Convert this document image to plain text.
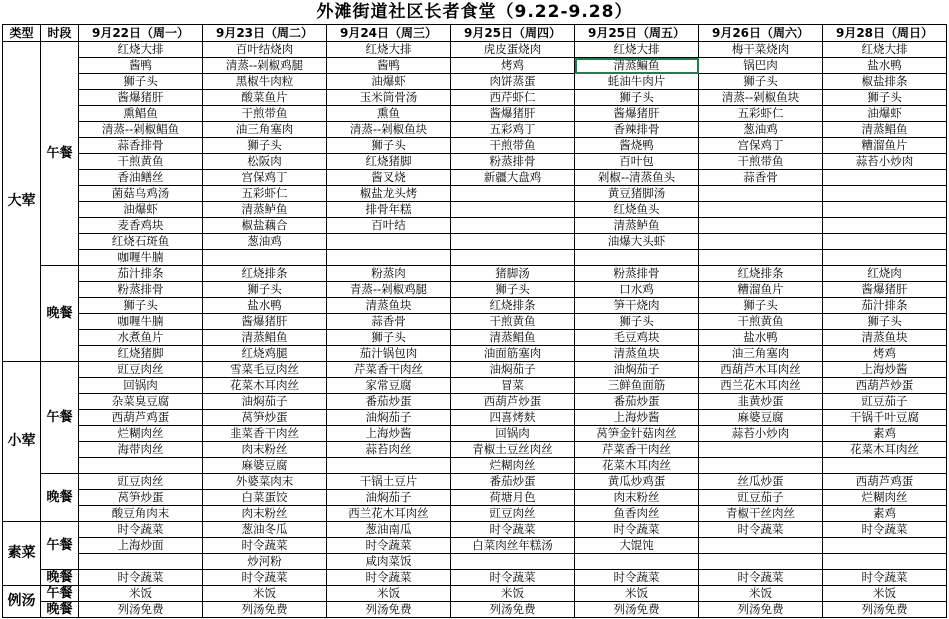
外滩街道社区长者食堂（9.22-9.28）
类型	时段	9月22日（周一）	9月23日（周二）	9月24日（周三）	9月25日（周四）	9月25日（周五）	9月26日（周六）	9月28日（周日）
大荤	午餐	红烧大排	百叶结烧肉	红烧大排	虎皮蛋烧肉	红烧大排	梅干菜烧肉	红烧大排
		酱鸭	清蒸--剁椒鸡腿	酱鸭	烤鸡	清蒸鳊鱼	锅巴肉	盐水鸭
		狮子头	黑椒牛肉粒	油爆虾	肉饼蒸蛋	蚝油牛肉片	狮子头	椒盐排条
		酱爆猪肝	酸菜鱼片	玉米筒骨汤	西芹虾仁	狮子头	清蒸--剁椒鱼块	狮子头
		熏鲳鱼	干煎带鱼	熏鱼	酱爆猪肝	酱爆猪肝	五彩虾仁	油爆虾
		清蒸--剁椒鲳鱼	油三角塞肉	清蒸--剁椒鱼块	五彩鸡丁	香辣排骨	葱油鸡	清蒸鲳鱼
		蒜香排骨	狮子头	狮子头	干煎带鱼	酱烧鸭	宫保鸡丁	糟溜鱼片
		干煎黄鱼	松阪肉	红烧猪脚	粉蒸排骨	百叶包	干煎带鱼	蒜苔小炒肉
		香油鳝丝	宫保鸡丁	酱叉烧	新疆大盘鸡	剁椒--清蒸鱼头	蒜香骨	
		菌菇乌鸡汤	五彩虾仁	椒盐龙头烤		黄豆猪脚汤		
		油爆虾	清蒸鲈鱼	排骨年糕		红烧鱼头		
		麦香鸡块	椒盐藕合	百叶结		清蒸鲈鱼		
		红烧石斑鱼	葱油鸡			油爆大头虾		
		咖喱牛腩						
	晚餐	茄汁排条	红烧排条	粉蒸肉	猪脚汤	粉蒸排骨	红烧排条	红烧肉
		粉蒸排骨	狮子头	青蒸--剁椒鸡腿	狮子头	口水鸡	糟溜鱼片	酱爆猪肝
		狮子头	盐水鸭	清蒸鱼块	红烧排条	笋干烧肉	狮子头	茄汁排条
		咖喱牛腩	酱爆猪肝	蒜香骨	干煎黄鱼	狮子头	干煎黄鱼	狮子头
		水煮鱼片	清蒸鲳鱼	狮子头	清蒸鲳鱼	毛豆鸡块	盐水鸭	清蒸鱼块
		红烧猪脚	红烧鸡腿	茄汁锅包肉	油面筋塞肉	清蒸鱼块	油三角塞肉	烤鸡
小荤	午餐	豇豆肉丝	雪菜毛豆肉丝	芹菜香干肉丝	油焖茄子	油焖茄子	西葫芦木耳肉丝	上海炒酱
		回锅肉	花菜木耳肉丝	家常豆腐	冒菜	三鲜鱼面筋	西兰花木耳肉丝	西葫芦炒蛋
		杂菜臭豆腐	油焖茄子	番茄炒蛋	西葫芦炒蛋	番茄炒蛋	韭黄炒蛋	豇豆茄子
		西葫芦鸡蛋	莴笋炒蛋	油焖茄子	四喜烤麸	上海炒酱	麻婆豆腐	干锅千叶豆腐
		烂糊肉丝	韭菜香干肉丝	上海炒酱	回锅肉	莴笋金针菇肉丝	蒜苔小炒肉	素鸡
		海带肉丝	肉末粉丝	蒜苔肉丝	青椒土豆丝肉丝	芹菜香干肉丝		花菜木耳肉丝
			麻婆豆腐		烂糊肉丝	花菜木耳肉丝		
	晚餐	豇豆肉丝	外婆菜肉末	干锅土豆片	番茄炒蛋	黄瓜炒鸡蛋	丝瓜炒蛋	西葫芦鸡蛋
		莴笋炒蛋	白菜蛋饺	油焖茄子	荷塘月色	肉末粉丝	豇豆茄子	烂糊肉丝
		酸豆角肉末	肉末粉丝	西兰花木耳肉丝	豇豆肉丝	鱼香肉丝	青椒干丝肉丝	素鸡
素菜	午餐	时令蔬菜	葱油冬瓜	葱油南瓜	时令蔬菜	时令蔬菜	时令蔬菜	时令蔬菜
		上海炒面	时令蔬菜	时令蔬菜	白菜肉丝年糕汤	大馄饨		
			炒河粉	咸肉菜饭				
	晚餐	时令蔬菜	时令蔬菜	时令蔬菜	时令蔬菜	时令蔬菜	时令蔬菜	时令蔬菜
例汤	午餐	米饭	米饭	米饭	米饭	米饭	米饭	米饭
	晚餐	列汤免费	列汤免费	列汤免费	列汤免费	列汤免费	列汤免费	列汤免费
